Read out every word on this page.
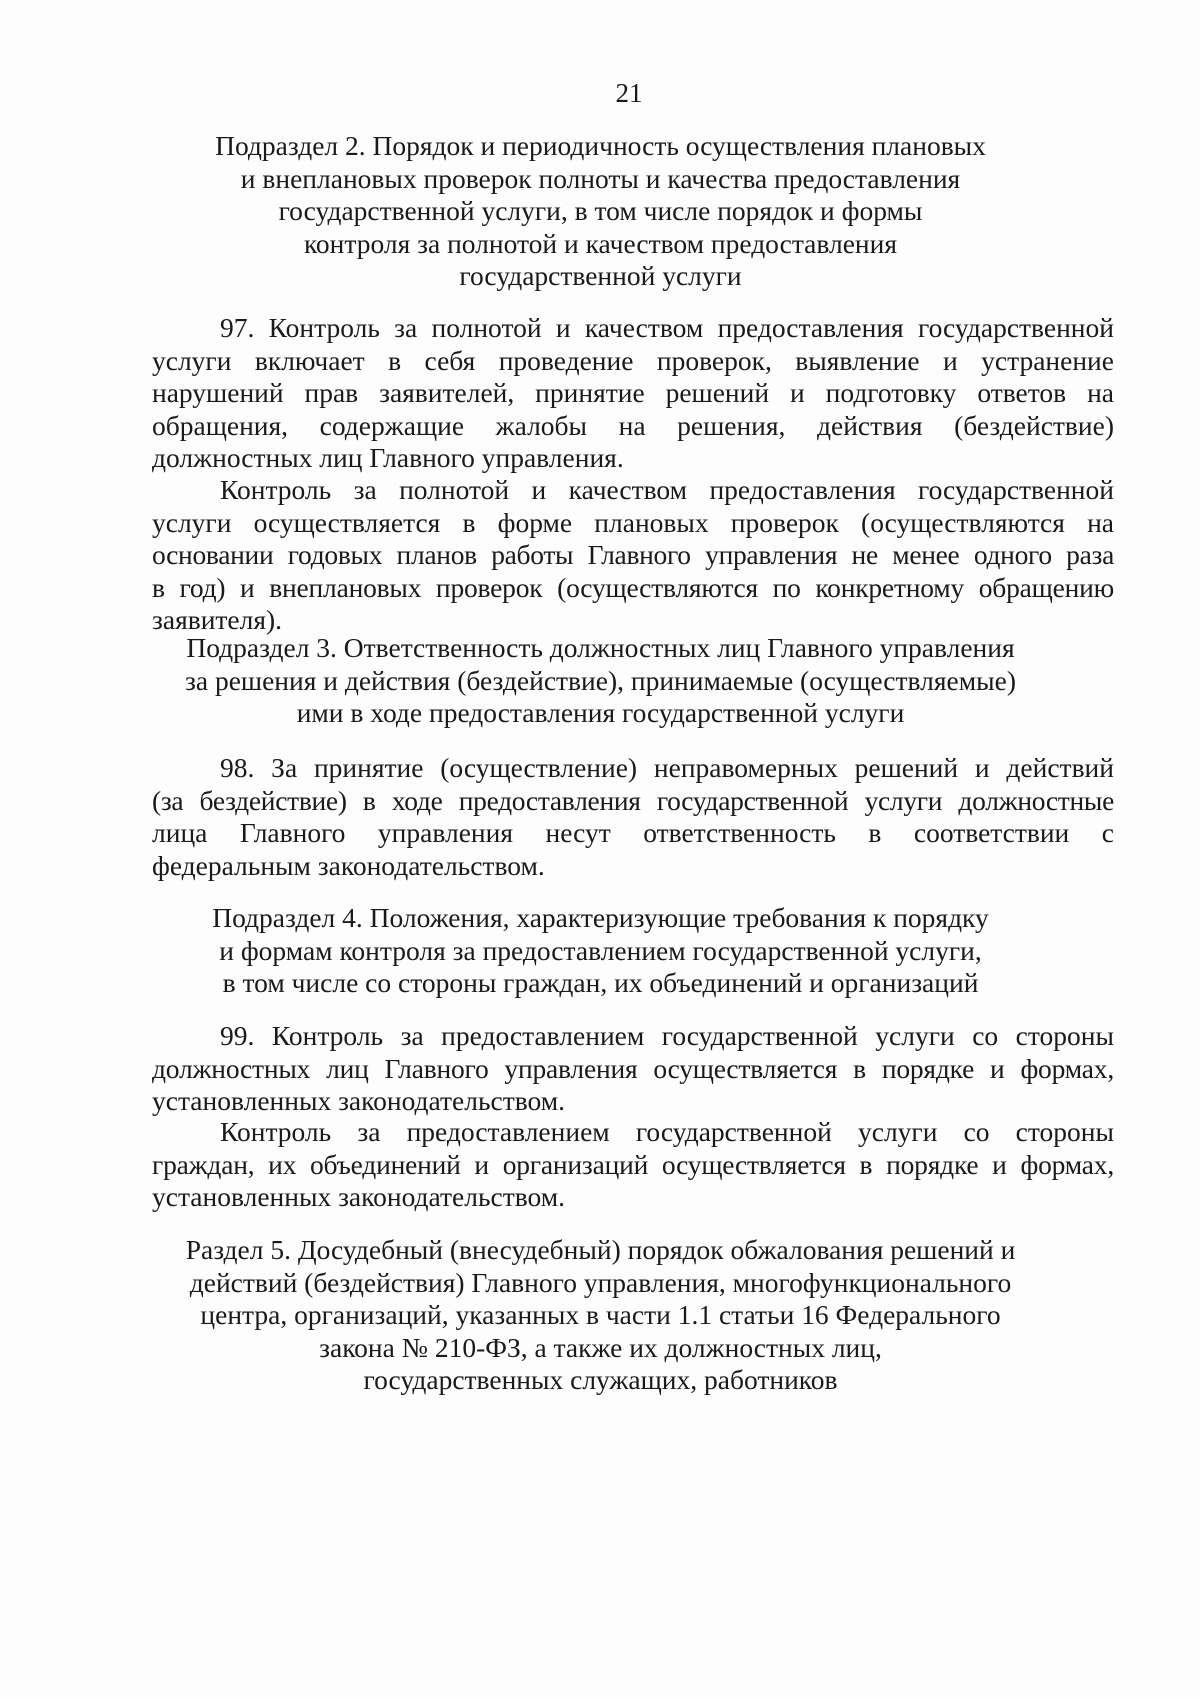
21
Подраздел 2. Порядок и периодичность осуществления плановых
и внеплановых проверок полноты и качества предоставления
государственной услуги, в том числе порядок и формы
контроля за полнотой и качеством предоставления
государственной услуги
97. Контроль за полнотой и качеством предоставления государственной
услуги включает в себя проведение проверок, выявление и устранение
нарушений прав заявителей, принятие решений и подготовку ответов на
обращения, содержащие жалобы на решения, действия (бездействие)
должностных лиц Главного управления.
Контроль за полнотой и качеством предоставления государственной
услуги осуществляется в форме плановых проверок (осуществляются на
основании годовых планов работы Главного управления не менее одного раза
в год) и внеплановых проверок (осуществляются по конкретному обращению
заявителя).
Подраздел 3. Ответственность должностных лиц Главного управления
за решения и действия (бездействие), принимаемые (осуществляемые)
ими в ходе предоставления государственной услуги
98. За принятие (осуществление) неправомерных решений и действий
(за бездействие) в ходе предоставления государственной услуги должностные
лица Главного управления несут ответственность в соответствии с
федеральным законодательством.
Подраздел 4. Положения, характеризующие требования к порядку
и формам контроля за предоставлением государственной услуги,
в том числе со стороны граждан, их объединений и организаций
99. Контроль за предоставлением государственной услуги со стороны
должностных лиц Главного управления осуществляется в порядке и формах,
установленных законодательством.
Контроль за предоставлением государственной услуги со стороны
граждан, их объединений и организаций осуществляется в порядке и формах,
установленных законодательством.
Раздел 5. Досудебный (внесудебный) порядок обжалования решений и
действий (бездействия) Главного управления, многофункционального
центра, организаций, указанных в части 1.1 статьи 16 Федерального
закона № 210-ФЗ, а также их должностных лиц,
государственных служащих, работников
